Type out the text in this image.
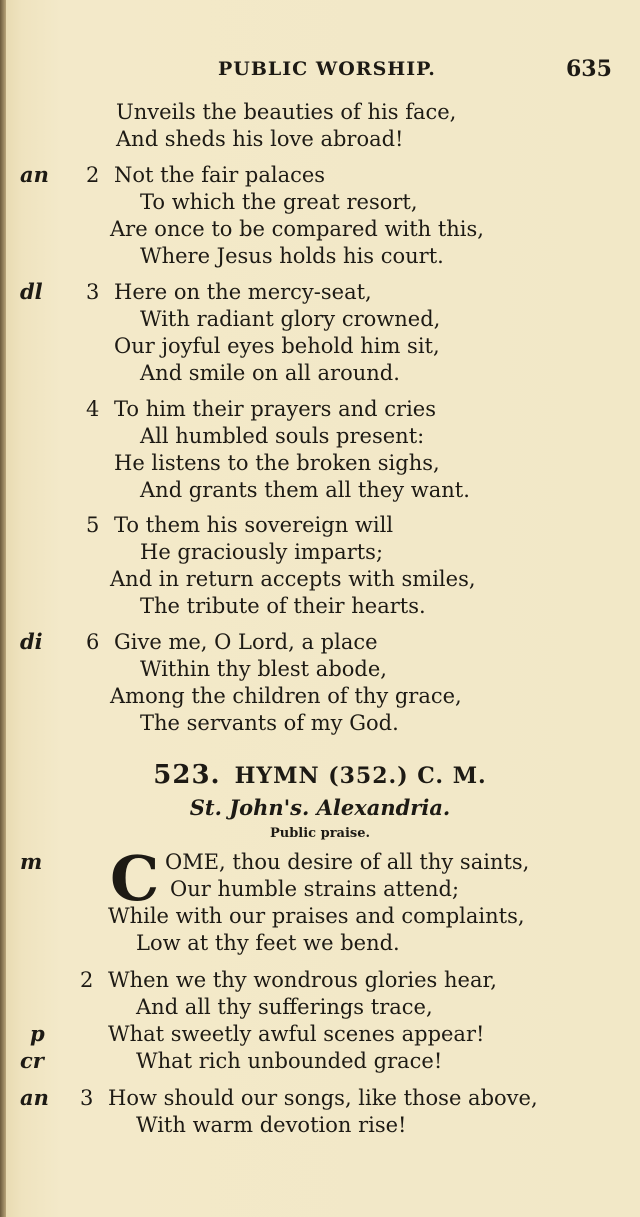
PUBLIC WORSHIP.	635
Unveils the beauties of his face,
And sheds his love abroad!
an 2 Not the fair palaces
To which the great resort,
Are once to be compared with this,
Where Jesus holds his court.
dl 3 Here on the mercy-seat,
With radiant glory crowned,
Our joyful eyes behold him sit,
And smile on all around.
4 To him their prayers and cries
All humbled souls present:
He listens to the broken sighs,
And grants them all they want.
5 To them his sovereign will
He graciously imparts;
And in return accepts with smiles,
The tribute of their hearts.
di 6 Give me, O Lord, a place
Within thy blest abode,
Among the children of thy grace,
The servants of my God.
523. HYMN (352.) C. M.
St. John's. Alexandria.
Public praise.
m	OME, thou desire of all thy saints,
C Our humble strains attend;
While with our praises and complaints,
Low at thy feet we bend.
2 When we thy wondrous glories hear,
And all thy sufferings trace,
p	What sweetly awful scenes appear!
cr	What rich unbounded grace!
an 3 How should our songs, like those above,
With warm devotion rise!
